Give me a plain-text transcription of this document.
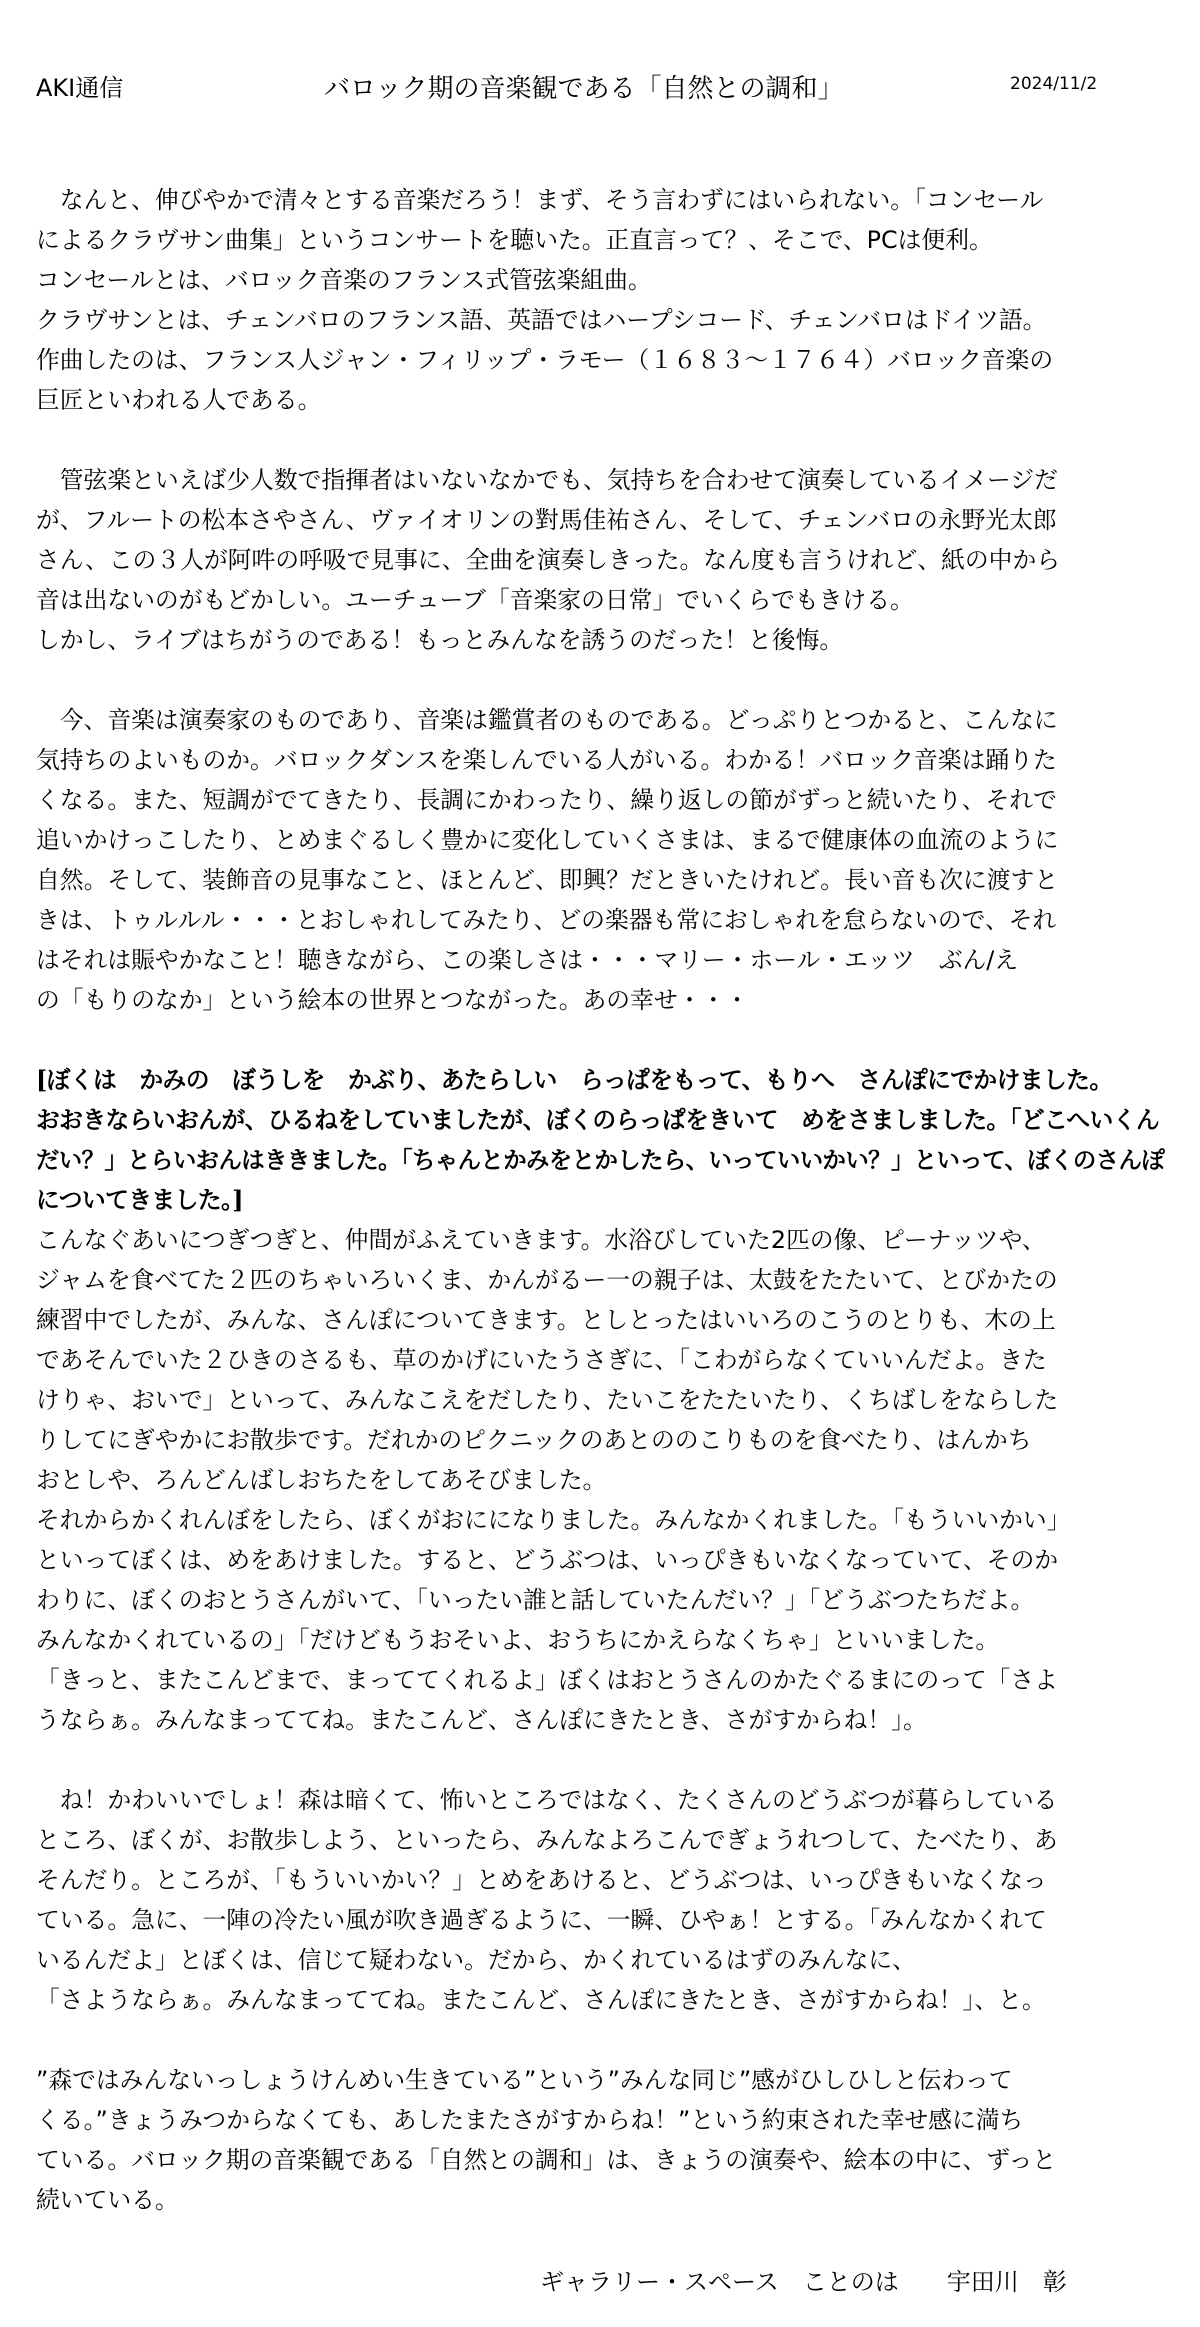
AKI通信	バロック期の音楽観である「自然との調和」	2024/11/2
　なんと、伸びやかで清々とする音楽だろう！まず、そう言わずにはいられない。「コンセール
によるクラヴサン曲集」というコンサートを聴いた。正直言って？、そこで、PCは便利。
コンセールとは、バロック音楽のフランス式管弦楽組曲。
クラヴサンとは、チェンバロのフランス語、英語ではハープシコード、チェンバロはドイツ語。
作曲したのは、フランス人ジャン・フィリップ・ラモー（１６８３～１７６４）バロック音楽の
巨匠といわれる人である。
　管弦楽といえば少人数で指揮者はいないなかでも、気持ちを合わせて演奏しているイメージだ
が、フルートの松本さやさん、ヴァイオリンの對馬佳祐さん、そして、チェンバロの永野光太郎
さん、この３人が阿吽の呼吸で見事に、全曲を演奏しきった。なん度も言うけれど、紙の中から
音は出ないのがもどかしい。ユーチューブ「音楽家の日常」でいくらでもきける。
しかし、ライブはちがうのである！もっとみんなを誘うのだった！と後悔。
　今、音楽は演奏家のものであり、音楽は鑑賞者のものである。どっぷりとつかると、こんなに
気持ちのよいものか。バロックダンスを楽しんでいる人がいる。わかる！バロック音楽は踊りた
くなる。また、短調がでてきたり、長調にかわったり、繰り返しの節がずっと続いたり、それで
追いかけっこしたり、とめまぐるしく豊かに変化していくさまは、まるで健康体の血流のように
自然。そして、装飾音の見事なこと、ほとんど、即興？だときいたけれど。長い音も次に渡すと
きは、トゥルルル・・・とおしゃれしてみたり、どの楽器も常におしゃれを怠らないので、それ
はそれは賑やかなこと！聴きながら、この楽しさは・・・マリー・ホール・エッツ　ぶん/え
の「もりのなか」という絵本の世界とつながった。あの幸せ・・・
[ぼくは　かみの　ぼうしを　かぶり、あたらしい　らっぱをもって、もりへ　さんぽにでかけました。
おおきならいおんが、ひるねをしていましたが、ぼくのらっぱをきいて　めをさましました。「どこへいくん
だい？」とらいおんはききました。「ちゃんとかみをとかしたら、いっていいかい？」といって、ぼくのさんぽ
についてきました。]
こんなぐあいにつぎつぎと、仲間がふえていきます。水浴びしていた2匹の像、ピーナッツや、
ジャムを食べてた２匹のちゃいろいくま、かんがるー一の親子は、太鼓をたたいて、とびかたの
練習中でしたが、みんな、さんぽについてきます。としとったはいいろのこうのとりも、木の上
であそんでいた２ひきのさるも、草のかげにいたうさぎに、「こわがらなくていいんだよ。きた
けりゃ、おいで」といって、みんなこえをだしたり、たいこをたたいたり、くちばしをならした
りしてにぎやかにお散歩です。だれかのピクニックのあとののこりものを食べたり、はんかち
おとしや、ろんどんばしおちたをしてあそびました。
それからかくれんぼをしたら、ぼくがおにになりました。みんなかくれました。「もういいかい」
といってぼくは、めをあけました。すると、どうぶつは、いっぴきもいなくなっていて、そのか
わりに、ぼくのおとうさんがいて、「いったい誰と話していたんだい？」「どうぶつたちだよ。
みんなかくれているの」「だけどもうおそいよ、おうちにかえらなくちゃ」といいました。
「きっと、またこんどまで、まっててくれるよ」ぼくはおとうさんのかたぐるまにのって「さよ
うならぁ。みんなまっててね。またこんど、さんぽにきたとき、さがすからね！」。
　ね！かわいいでしょ！森は暗くて、怖いところではなく、たくさんのどうぶつが暮らしている
ところ、ぼくが、お散歩しよう、といったら、みんなよろこんでぎょうれつして、たべたり、あ
そんだり。ところが、「もういいかい？」とめをあけると、どうぶつは、いっぴきもいなくなっ
ている。急に、一陣の冷たい風が吹き過ぎるように、一瞬、ひやぁ！とする。「みんなかくれて
いるんだよ」とぼくは、信じて疑わない。だから、かくれているはずのみんなに、
「さようならぁ。みんなまっててね。またこんど、さんぽにきたとき、さがすからね！」、と。
”森ではみんないっしょうけんめい生きている”という”みんな同じ”感がひしひしと伝わって
くる。”きょうみつからなくても、あしたまたさがすからね！”という約束された幸せ感に満ち
ている。バロック期の音楽観である「自然との調和」は、きょうの演奏や、絵本の中に、ずっと
続いている。
ギャラリー・スペース　ことのは　　宇田川　彰
